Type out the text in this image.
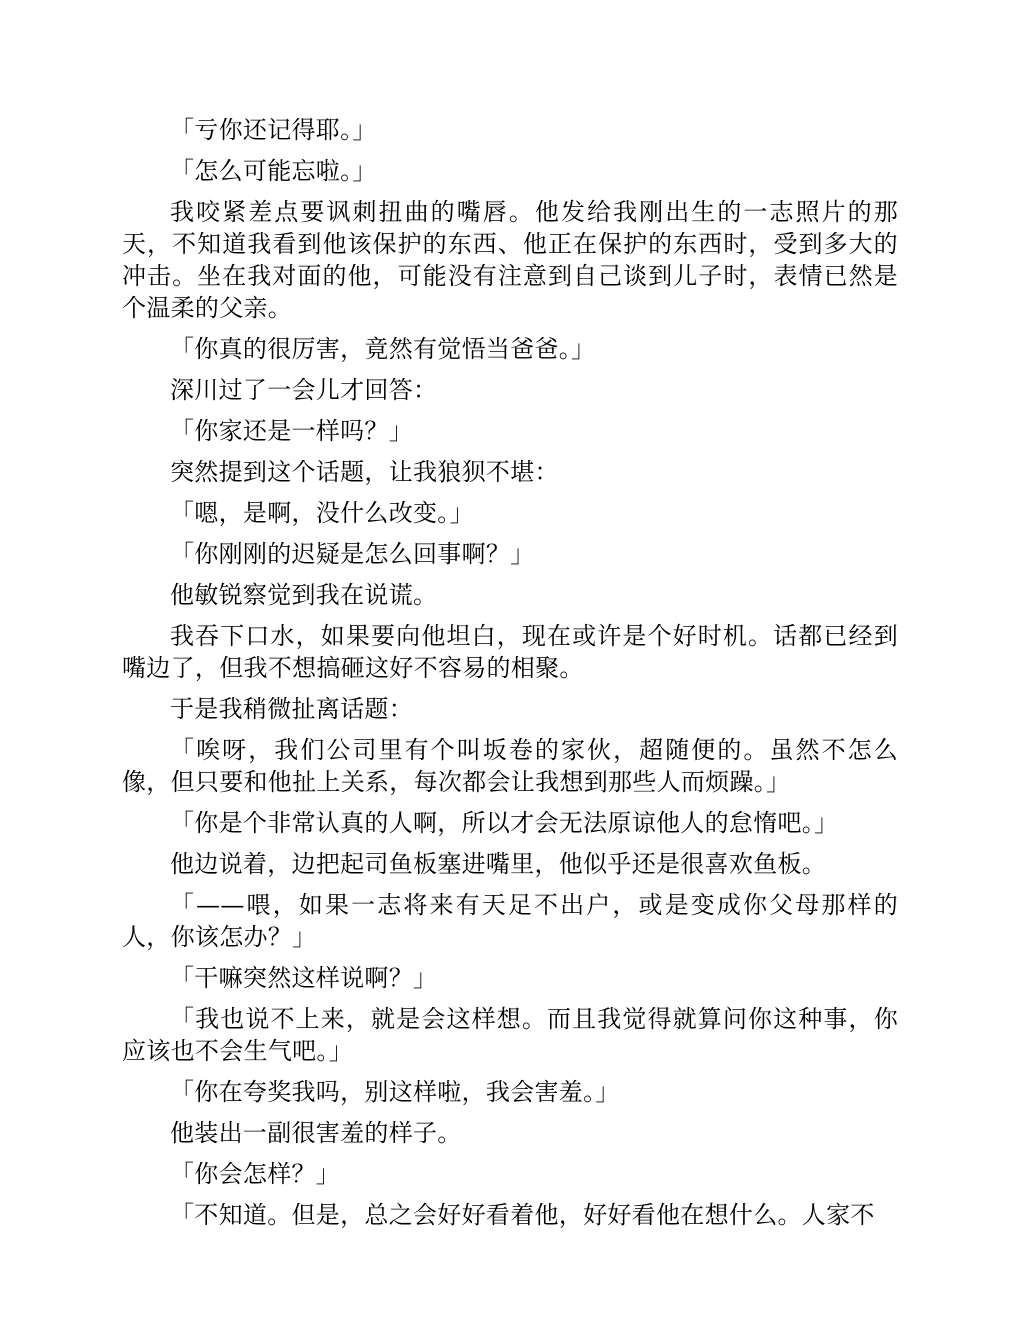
「亏你还记得耶。」

「怎么可能忘啦。」

我咬紧差点要讽刺扭曲的嘴唇。他发给我刚出生的一志照片的那天，不知道我看到他该保护的东西、他正在保护的东西时，受到多大的冲击。坐在我对面的他，可能没有注意到自己谈到儿子时，表情已然是个温柔的父亲。

「你真的很厉害，竟然有觉悟当爸爸。」

深川过了一会儿才回答：

「你家还是一样吗？」

突然提到这个话题，让我狼狈不堪：

「嗯，是啊，没什么改变。」

「你刚刚的迟疑是怎么回事啊？」

他敏锐察觉到我在说谎。

我吞下口水，如果要向他坦白，现在或许是个好时机。话都已经到嘴边了，但我不想搞砸这好不容易的相聚。

于是我稍微扯离话题：

「唉呀，我们公司里有个叫坂卷的家伙，超随便的。虽然不怎么像，但只要和他扯上关系，每次都会让我想到那些人而烦躁。」

「你是个非常认真的人啊，所以才会无法原谅他人的怠惰吧。」

他边说着，边把起司鱼板塞进嘴里，他似乎还是很喜欢鱼板。

「——喂，如果一志将来有天足不出户，或是变成你父母那样的人，你该怎办？」

「干嘛突然这样说啊？」

「我也说不上来，就是会这样想。而且我觉得就算问你这种事，你应该也不会生气吧。」

「你在夸奖我吗，别这样啦，我会害羞。」

他装出一副很害羞的样子。

「你会怎样？」

「不知道。但是，总之会好好看着他，好好看他在想什么。人家不
